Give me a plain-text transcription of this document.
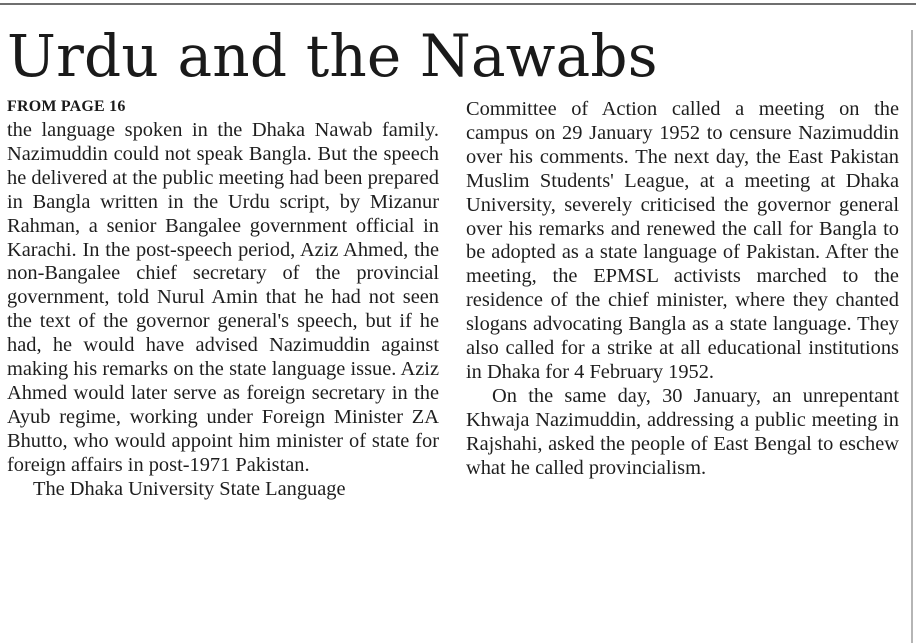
Urdu and the Nawabs
FROM PAGE 16

the language spoken in the Dhaka Nawab family. Nazimuddin could not speak Bangla. But the speech he delivered at the public meeting had been prepared in Bangla written in the Urdu script, by Mizanur Rahman, a senior Bangalee government official in Karachi. In the post-speech period, Aziz Ahmed, the non-Bangalee chief secretary of the provincial government, told Nurul Amin that he had not seen the text of the governor general's speech, but if he had, he would have advised Nazimuddin against making his remarks on the state language issue. Aziz Ahmed would later serve as foreign secretary in the Ayub regime, working under Foreign Minister ZA Bhutto, who would appoint him minister of state for foreign affairs in post-1971 Pakistan.

The Dhaka University State Language

Committee of Action called a meeting on the campus on 29 January 1952 to censure Nazimuddin over his comments. The next day, the East Pakistan Muslim Students' League, at a meeting at Dhaka University, severely criticised the governor general over his remarks and renewed the call for Bangla to be adopted as a state language of Pakistan. After the meeting, the EPMSL activists marched to the residence of the chief minister, where they chanted slogans advocating Bangla as a state language. They also called for a strike at all educational institutions in Dhaka for 4 February 1952.

On the same day, 30 January, an unrepentant Khwaja Nazimuddin, addressing a public meeting in Rajshahi, asked the people of East Bengal to eschew what he called provincialism.
